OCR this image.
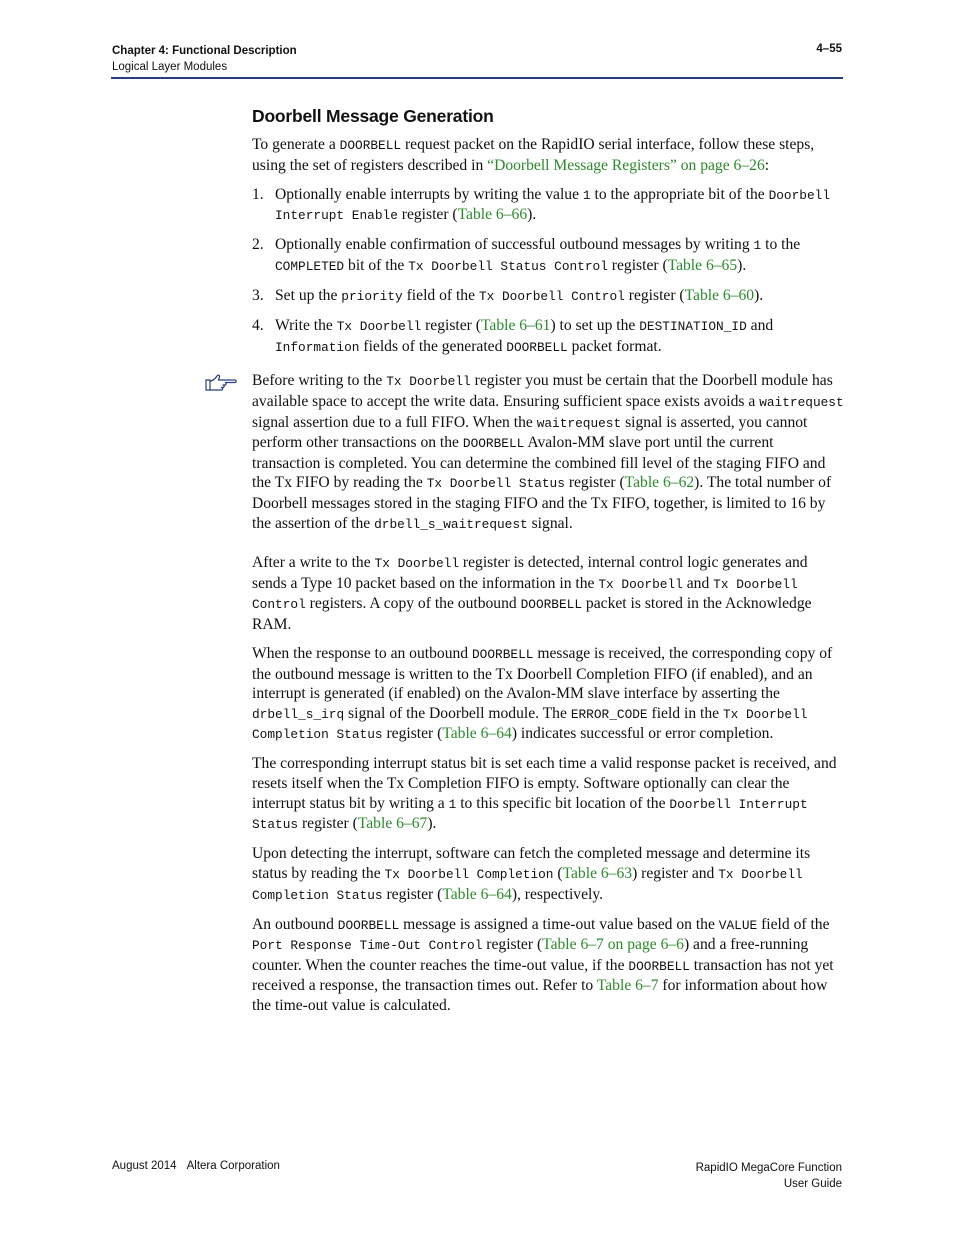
Chapter 4: Functional Description
Logical Layer Modules
4–55
Doorbell Message Generation

To generate a DOORBELL request packet on the RapidIO serial interface, follow these steps, using the set of registers described in “Doorbell Message Registers” on page 6–26:

1. Optionally enable interrupts by writing the value 1 to the appropriate bit of the Doorbell Interrupt Enable register (Table 6–66).
2. Optionally enable confirmation of successful outbound messages by writing 1 to the COMPLETED bit of the Tx Doorbell Status Control register (Table 6–65).
3. Set up the priority field of the Tx Doorbell Control register (Table 6–60).
4. Write the Tx Doorbell register (Table 6–61) to set up the DESTINATION_ID and Information fields of the generated DOORBELL packet format.
Before writing to the Tx Doorbell register you must be certain that the Doorbell module has available space to accept the write data. Ensuring sufficient space exists avoids a waitrequest signal assertion due to a full FIFO. When the waitrequest signal is asserted, you cannot perform other transactions on the DOORBELL Avalon-MM slave port until the current transaction is completed. You can determine the combined fill level of the staging FIFO and the Tx FIFO by reading the Tx Doorbell Status register (Table 6–62). The total number of Doorbell messages stored in the staging FIFO and the Tx FIFO, together, is limited to 16 by the assertion of the drbell_s_waitrequest signal.

After a write to the Tx Doorbell register is detected, internal control logic generates and sends a Type 10 packet based on the information in the Tx Doorbell and Tx Doorbell Control registers. A copy of the outbound DOORBELL packet is stored in the Acknowledge RAM.

When the response to an outbound DOORBELL message is received, the corresponding copy of the outbound message is written to the Tx Doorbell Completion FIFO (if enabled), and an interrupt is generated (if enabled) on the Avalon-MM slave interface by asserting the drbell_s_irq signal of the Doorbell module. The ERROR_CODE field in the Tx Doorbell Completion Status register (Table 6–64) indicates successful or error completion.

The corresponding interrupt status bit is set each time a valid response packet is received, and resets itself when the Tx Completion FIFO is empty. Software optionally can clear the interrupt status bit by writing a 1 to this specific bit location of the Doorbell Interrupt Status register (Table 6–67).

Upon detecting the interrupt, software can fetch the completed message and determine its status by reading the Tx Doorbell Completion (Table 6–63) register and Tx Doorbell Completion Status register (Table 6–64), respectively.

An outbound DOORBELL message is assigned a time-out value based on the VALUE field of the Port Response Time-Out Control register (Table 6–7 on page 6–6) and a free-running counter. When the counter reaches the time-out value, if the DOORBELL transaction has not yet received a response, the transaction times out. Refer to Table 6–7 for information about how the time-out value is calculated.

August 2014 Altera Corporation	RapidIO MegaCore Function
User Guide
